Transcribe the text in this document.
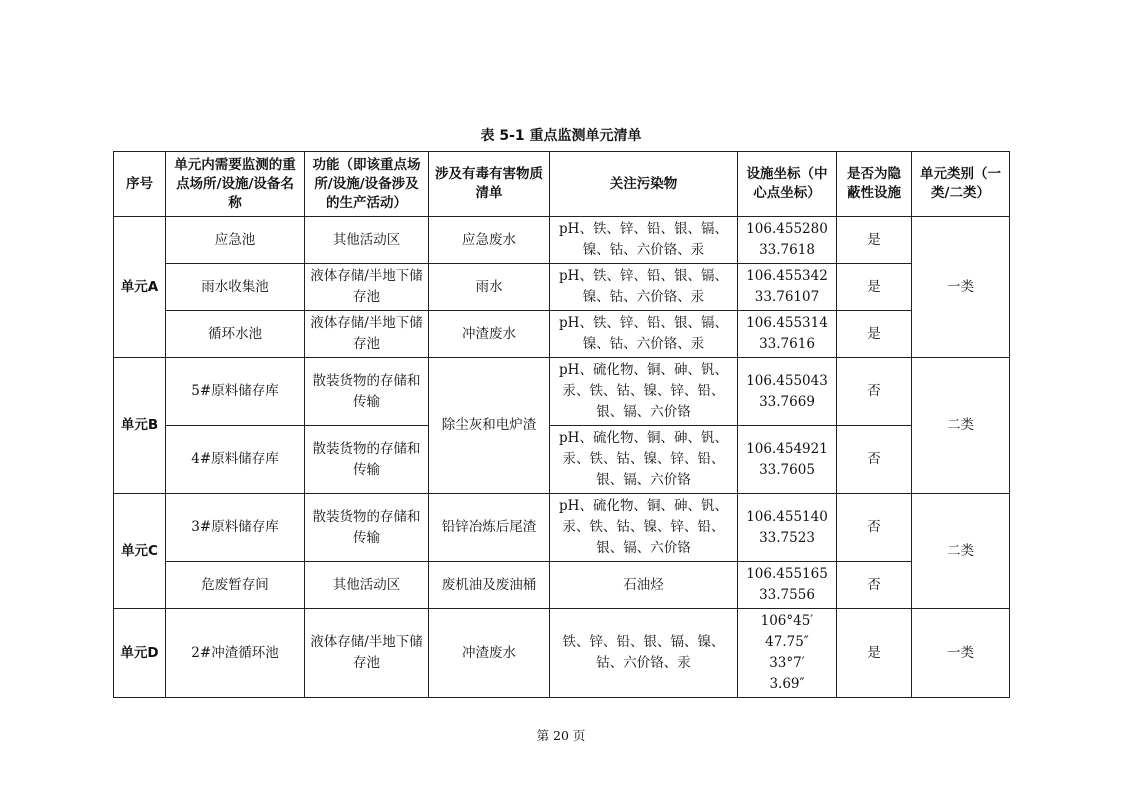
表 5-1 重点监测单元清单
序号	单元内需要监测的重点场所/设施/设备名称	功能（即该重点场所/设施/设备涉及的生产活动）	涉及有毒有害物质清单	关注污染物	设施坐标（中心点坐标）	是否为隐蔽性设施	单元类别（一类/二类）
单元A	应急池	其他活动区	应急废水	pH、铁、锌、铅、银、镉、镍、钴、六价铬、汞	106.455280
33.7618	是	一类
	雨水收集池	液体存储/半地下储存池	雨水	pH、铁、锌、铅、银、镉、镍、钴、六价铬、汞	106.455342
33.76107	是	
	循环水池	液体存储/半地下储存池	冲渣废水	pH、铁、锌、铅、银、镉、镍、钴、六价铬、汞	106.455314
33.7616	是	
单元B	5#原料储存库	散装货物的存储和传输	除尘灰和电炉渣	pH、硫化物、铜、砷、钒、汞、铁、钴、镍、锌、铅、 银、镉、六价铬	106.455043
33.7669	否	二类
	4#原料储存库	散装货物的存储和传输		pH、硫化物、铜、砷、钒、汞、铁、钴、镍、锌、铅、银、镉、六价铬	106.454921
33.7605	否	
单元C	3#原料储存库	散装货物的存储和传输	铅锌冶炼后尾渣	pH、硫化物、铜、砷、钒、汞、铁、钴、镍、锌、铅、银、镉、六价铬	106.455140
33.7523	否	二类
	危废暂存间	其他活动区	废机油及废油桶	石油烃	106.455165
33.7556	否	
单元D	2#冲渣循环池	液体存储/半地下储存池	冲渣废水	铁、锌、铅、银、镉、镍、钴、六价铬、汞	106°45′
47.75″
33°7′
3.69″	是	一类
第 20 页
